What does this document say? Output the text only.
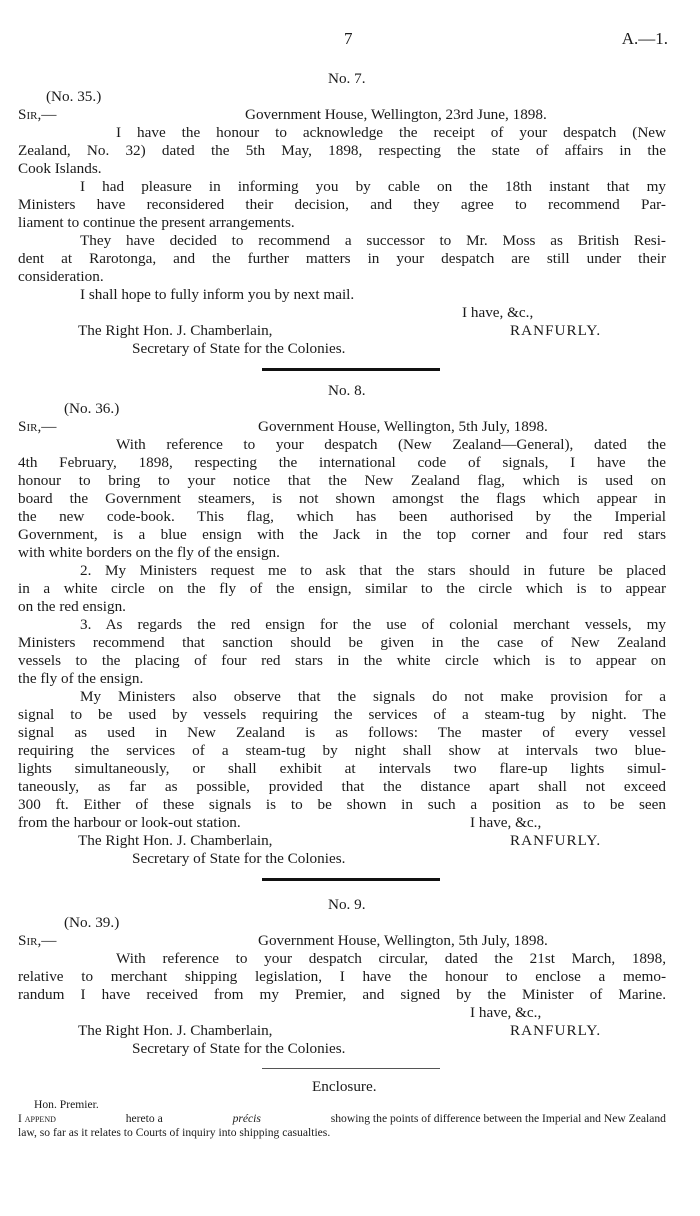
7	A.—1.
No. 7.
(No. 35.)
Sir,—	Government House, Wellington, 23rd June, 1898.
I have the honour to acknowledge the receipt of your despatch (New
Zealand, No. 32) dated the 5th May, 1898, respecting the state of affairs in the
Cook Islands.
I had pleasure in informing you by cable on the 18th instant that my
Ministers have reconsidered their decision, and they agree to recommend Par-
liament to continue the present arrangements.
They have decided to recommend a successor to Mr. Moss as British Resi-
dent at Rarotonga, and the further matters in your despatch are still under their
consideration.
I shall hope to fully inform you by next mail.
I have, &c.,
The Right Hon. J. Chamberlain,	RANFURLY.
Secretary of State for the Colonies.
No. 8.
(No. 36.)
Sir,—	Government House, Wellington, 5th July, 1898.
With reference to your despatch (New Zealand—General), dated the
4th February, 1898, respecting the international code of signals, I have the
honour to bring to your notice that the New Zealand flag, which is used on
board the Government steamers, is not shown amongst the flags which appear in
the new code-book. This flag, which has been authorised by the Imperial
Government, is a blue ensign with the Jack in the top corner and four red stars
with white borders on the fly of the ensign.
2. My Ministers request me to ask that the stars should in future be placed
in a white circle on the fly of the ensign, similar to the circle which is to appear
on the red ensign.
3. As regards the red ensign for the use of colonial merchant vessels, my
Ministers recommend that sanction should be given in the case of New Zealand
vessels to the placing of four red stars in the white circle which is to appear on
the fly of the ensign.
My Ministers also observe that the signals do not make provision for a
signal to be used by vessels requiring the services of a steam-tug by night. The
signal as used in New Zealand is as follows: The master of every vessel
requiring the services of a steam-tug by night shall show at intervals two blue-
lights simultaneously, or shall exhibit at intervals two flare-up lights simul-
taneously, as far as possible, provided that the distance apart shall not exceed
300 ft. Either of these signals is to be shown in such a position as to be seen
from the harbour or look-out station.	I have, &c.,
The Right Hon. J. Chamberlain,	RANFURLY.
Secretary of State for the Colonies.
No. 9.
(No. 39.)
Sir,—	Government House, Wellington, 5th July, 1898.
With reference to your despatch circular, dated the 21st March, 1898,
relative to merchant shipping legislation, I have the honour to enclose a memo-
randum I have received from my Premier, and signed by the Minister of Marine.
I have, &c.,
The Right Hon. J. Chamberlain,	RANFURLY.
Secretary of State for the Colonies.
Enclosure.
Hon. Premier.
I append	hereto a	précis	showing the points of difference between the Imperial and New Zealand
law, so far as it relates to Courts of inquiry into shipping casualties.
